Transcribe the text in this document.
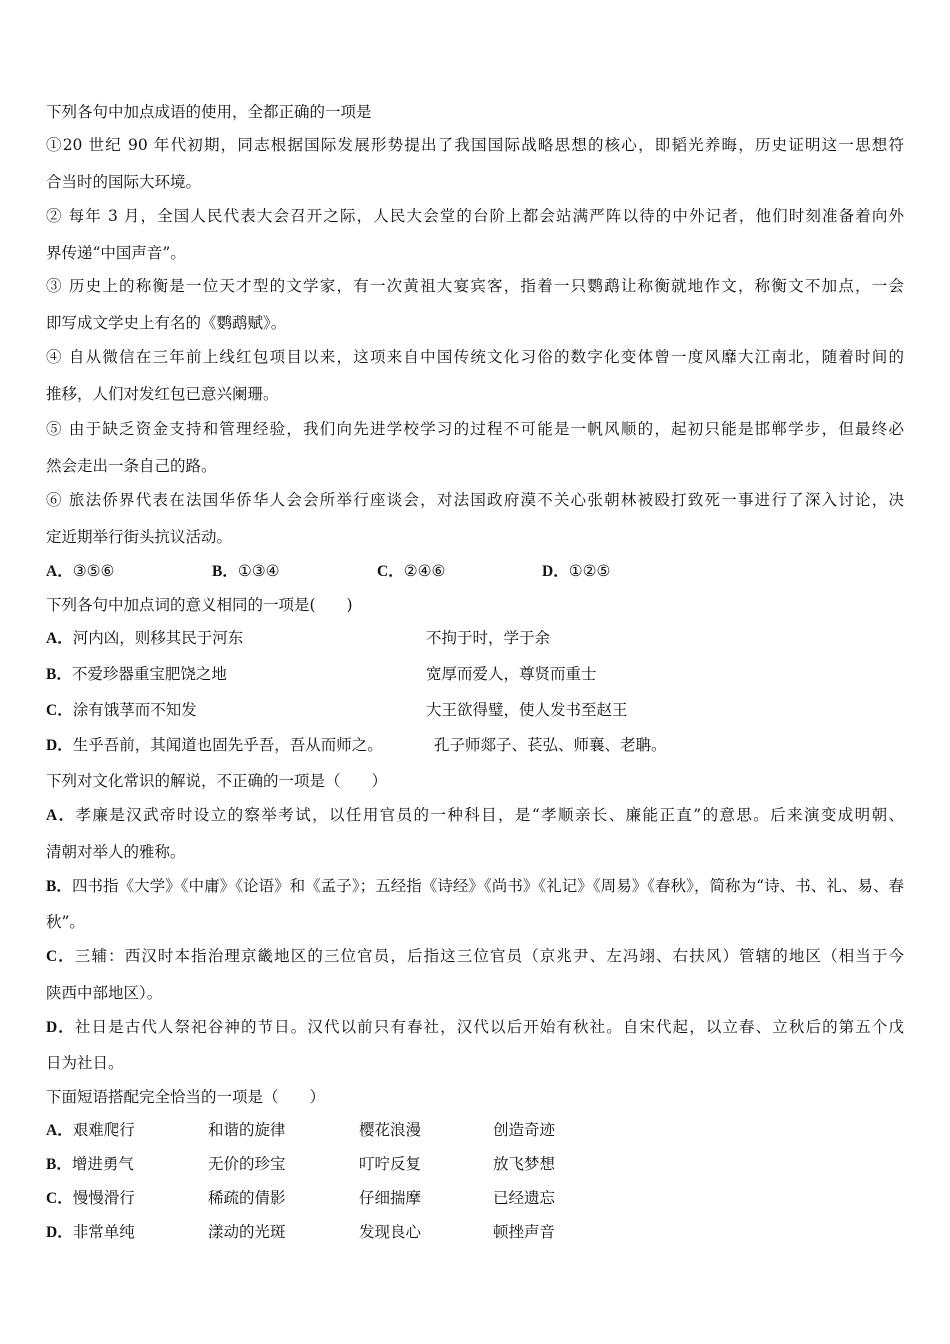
下列各句中加点成语的使用，全都正确的一项是
①20 世纪 90 年代初期，同志根据国际发展形势提出了我国国际战略思想的核心，即韬光养晦，历史证明这一思想符
合当时的国际大环境。
② 每年 3 月，全国人民代表大会召开之际，人民大会堂的台阶上都会站满严阵以待的中外记者，他们时刻准备着向外
界传递“中国声音”。
③ 历史上的称衡是一位天才型的文学家，有一次黄祖大宴宾客，指着一只鹦鹉让称衡就地作文，称衡文不加点，一会
即写成文学史上有名的《鹦鹉赋》。
④ 自从微信在三年前上线红包项目以来，这项来自中国传统文化习俗的数字化变体曾一度风靡大江南北，随着时间的
推移，人们对发红包已意兴阑珊。
⑤ 由于缺乏资金支持和管理经验，我们向先进学校学习的过程不可能是一帆风顺的，起初只能是邯郸学步，但最终必
然会走出一条自己的路。
⑥ 旅法侨界代表在法国华侨华人会会所举行座谈会，对法国政府漠不关心张朝林被殴打致死一事进行了深入讨论，决
定近期举行街头抗议活动。
A．③⑤⑥	B．①③④	C．②④⑥	D．①②⑤
下列各句中加点词的意义相同的一项是(　　)
A．河内凶，则移其民于河东	不拘于时，学于余
B．不爱珍器重宝肥饶之地	宽厚而爱人，尊贤而重士
C．涂有饿莩而不知发	大王欲得璧，使人发书至赵王
D．生乎吾前，其闻道也固先乎吾，吾从而师之。	孔子师郯子、苌弘、师襄、老聃。
下列对文化常识的解说，不正确的一项是（　　）
A．孝廉是汉武帝时设立的察举考试，以任用官员的一种科目，是“孝顺亲长、廉能正直”的意思。后来演变成明朝、
清朝对举人的雅称。
B．四书指《大学》《中庸》《论语》和《孟子》；五经指《诗经》《尚书》《礼记》《周易》《春秋》，简称为“诗、书、礼、易、春
秋”。
C．三辅：西汉时本指治理京畿地区的三位官员，后指这三位官员（京兆尹、左冯翊、右扶风）管辖的地区（相当于今
陕西中部地区）。
D．社日是古代人祭祀谷神的节日。汉代以前只有春社，汉代以后开始有秋社。自宋代起，以立春、立秋后的第五个戊
日为社日。
下面短语搭配完全恰当的一项是（　　）
A．艰难爬行	和谐的旋律	樱花浪漫	创造奇迹
B．增进勇气	无价的珍宝	叮咛反复	放飞梦想
C．慢慢滑行	稀疏的倩影	仔细揣摩	已经遗忘
D．非常单纯	漾动的光斑	发现良心	顿挫声音
